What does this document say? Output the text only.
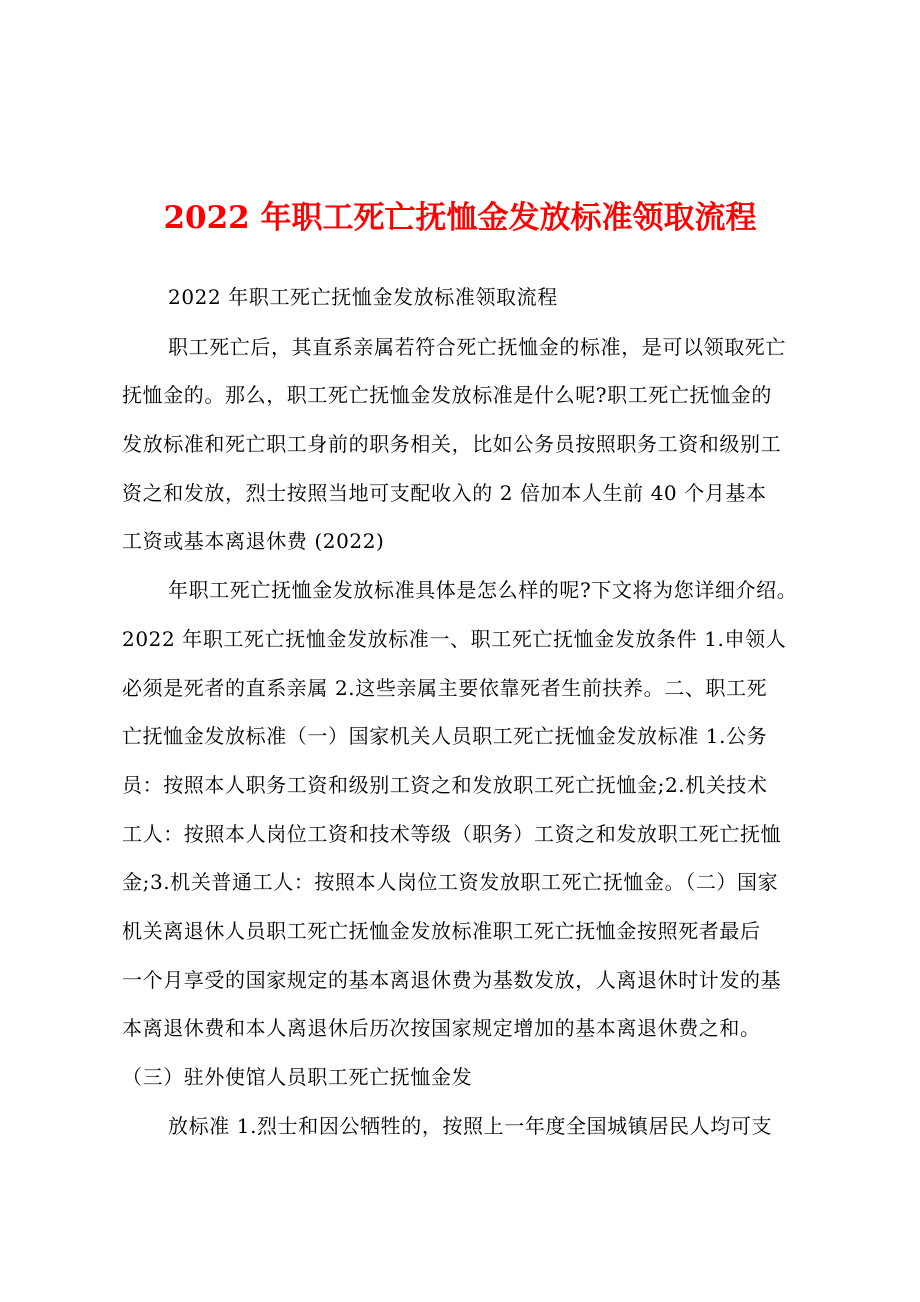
2022 年职工死亡抚恤金发放标准领取流程
2022 年职工死亡抚恤金发放标准领取流程
职工死亡后，其直系亲属若符合死亡抚恤金的标准，是可以领取死亡
抚恤金的。那么，职工死亡抚恤金发放标准是什么呢?职工死亡抚恤金的
发放标准和死亡职工身前的职务相关，比如公务员按照职务工资和级别工
资之和发放，烈士按照当地可支配收入的 2 倍加本人生前 40 个月基本
工资或基本离退休费 (2022)
年职工死亡抚恤金发放标准具体是怎么样的呢?下文将为您详细介绍。
2022 年职工死亡抚恤金发放标准一、职工死亡抚恤金发放条件 1.申领人
必须是死者的直系亲属 2.这些亲属主要依靠死者生前扶养。二、职工死
亡抚恤金发放标准（一）国家机关人员职工死亡抚恤金发放标准 1.公务
员：按照本人职务工资和级别工资之和发放职工死亡抚恤金;2.机关技术
工人：按照本人岗位工资和技术等级（职务）工资之和发放职工死亡抚恤
金;3.机关普通工人：按照本人岗位工资发放职工死亡抚恤金。（二）国家
机关离退休人员职工死亡抚恤金发放标准职工死亡抚恤金按照死者最后
一个月享受的国家规定的基本离退休费为基数发放，人离退休时计发的基
本离退休费和本人离退休后历次按国家规定增加的基本离退休费之和。
（三）驻外使馆人员职工死亡抚恤金发
放标准 1.烈士和因公牺牲的，按照上一年度全国城镇居民人均可支
